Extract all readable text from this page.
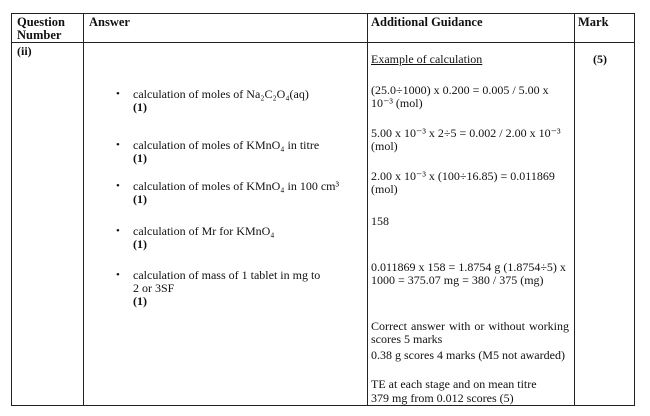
Question Number
Answer	Additional Guidance	Mark
(ii)
(5)
• calculation of moles of Na₂C₂O₄(aq)
(1)
• calculation of moles of KMnO₄ in titre
(1)
• calculation of moles of KMnO₄ in 100 cm³
(1)
• calculation of Mr for KMnO₄
(1)
• calculation of mass of 1 tablet in mg to 2 or 3SF
(1)
Example of calculation
(25.0÷1000) x 0.200 = 0.005 / 5.00 x 10⁻³ (mol)
5.00 x 10⁻³ x 2÷5 = 0.002 / 2.00 x 10⁻³ (mol)
2.00 x 10⁻³ x (100÷16.85) = 0.011869 (mol)
158
0.011869 x 158 = 1.8754 g (1.8754÷5) x 1000 = 375.07 mg = 380 / 375 (mg)
Correct answer with or without working scores 5 marks
0.38 g scores 4 marks (M5 not awarded)
TE at each stage and on mean titre
379 mg from 0.012 scores (5)
